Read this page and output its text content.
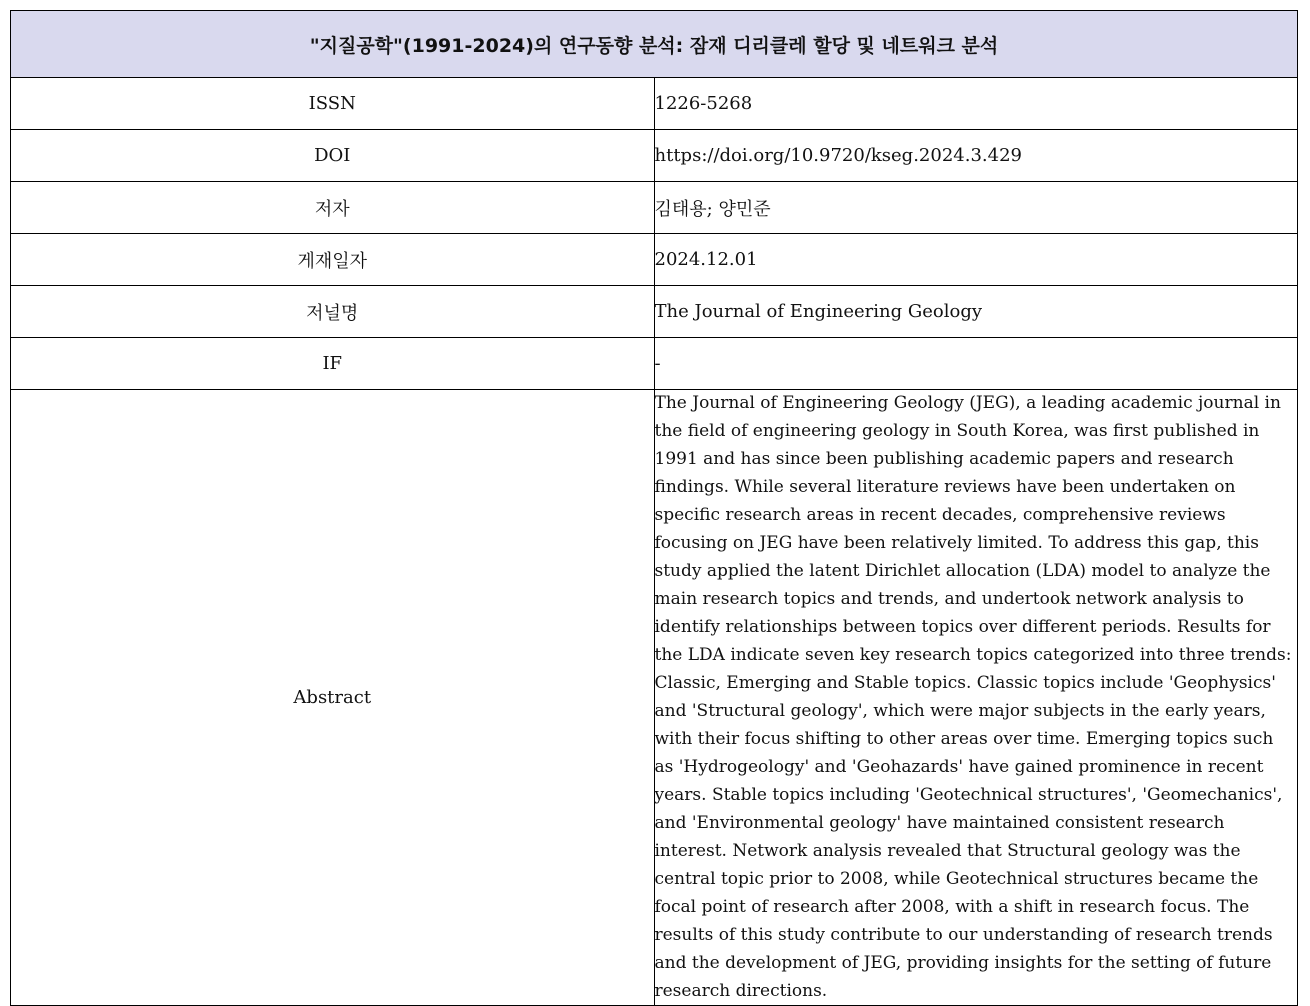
"지질공학"(1991-2024)의 연구동향 분석: 잠재 디리클레 할당 및 네트워크 분석	
ISSN	1226-5268
DOI	https://doi.org/10.9720/kseg.2024.3.429
저자	김태용; 양민준
게재일자	2024.12.01
저널명	The Journal of Engineering Geology
IF	-
Abstract	The Journal of Engineering Geology (JEG), a leading academic journal in the field of engineering geology in South Korea, was first published in 1991 and has since been publishing academic papers and research findings. While several literature reviews have been undertaken on specific research areas in recent decades, comprehensive reviews focusing on JEG have been relatively limited. To address this gap, this study applied the latent Dirichlet allocation (LDA) model to analyze the main research topics and trends, and undertook network analysis to identify relationships between topics over different periods. Results for the LDA indicate seven key research topics categorized into three trends: Classic, Emerging and Stable topics. Classic topics include 'Geophysics' and 'Structural geology', which were major subjects in the early years, with their focus shifting to other areas over time. Emerging topics such as 'Hydrogeology' and 'Geohazards' have gained prominence in recent years. Stable topics including 'Geotechnical structures', 'Geomechanics', and 'Environmental geology' have maintained consistent research interest. Network analysis revealed that Structural geology was the central topic prior to 2008, while Geotechnical structures became the focal point of research after 2008, with a shift in research focus. The results of this study contribute to our understanding of research trends and the development of JEG, providing insights for the setting of future research directions.
